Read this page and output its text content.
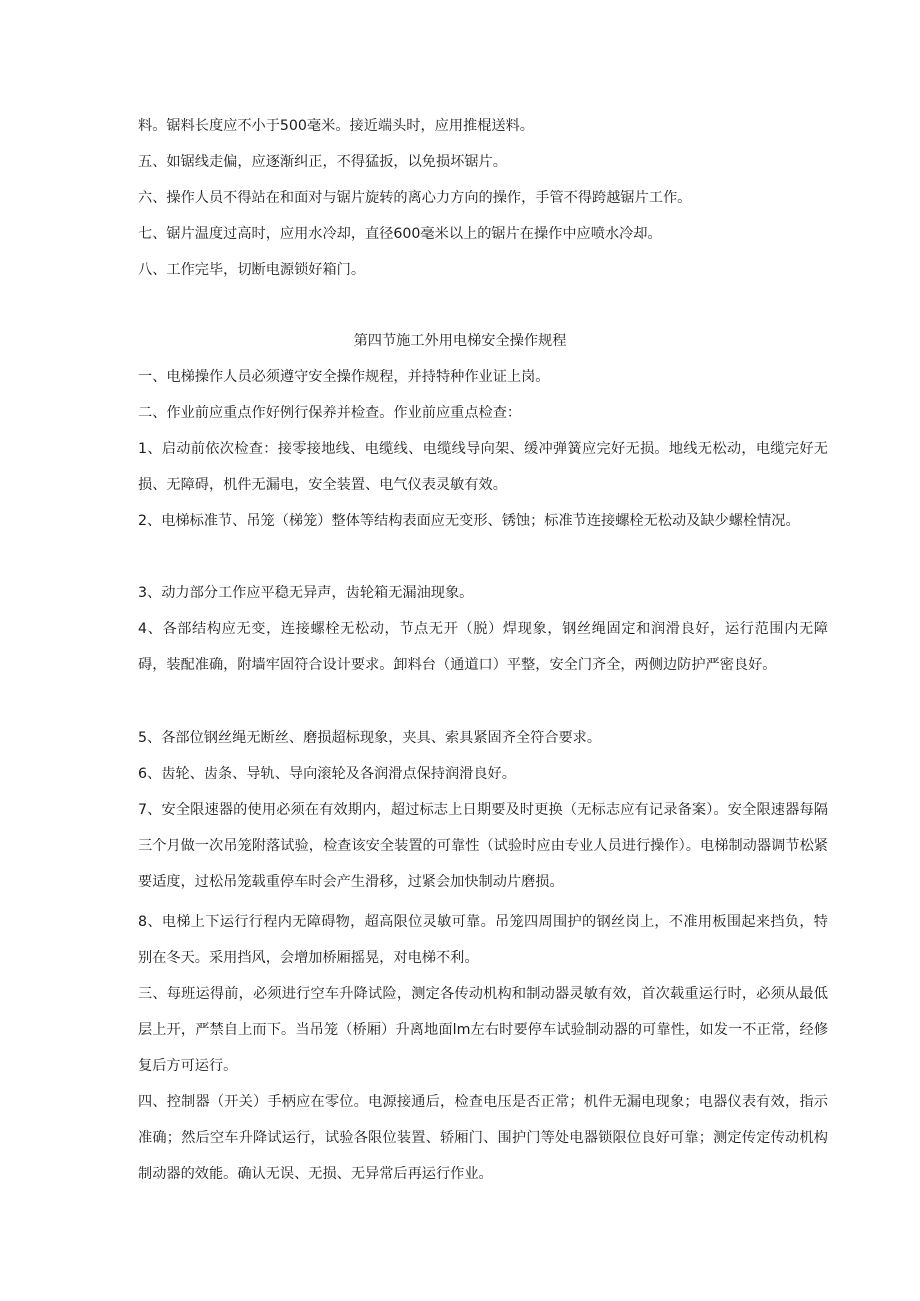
料。锯料长度应不小于500毫米。接近端头时，应用推棍送料。

五、如锯线走偏，应逐渐纠正，不得猛扳，以免损坏锯片。

六、操作人员不得站在和面对与锯片旋转的离心力方向的操作，手管不得跨越锯片工作。

七、锯片温度过高时，应用水冷却，直径600毫米以上的锯片在操作中应喷水冷却。

八、工作完毕，切断电源锁好箱门。

第四节施工外用电梯安全操作规程

一、电梯操作人员必须遵守安全操作规程，并持特种作业证上岗。

二、作业前应重点作好例行保养并检查。作业前应重点检查：

1、启动前依次检查：接零接地线、电缆线、电缆线导向架、缓冲弹簧应完好无损。地线无松动，电缆完好无损、无障碍，机件无漏电，安全装置、电气仪表灵敏有效。

2、电梯标准节、吊笼（梯笼）整体等结构表面应无变形、锈蚀；标准节连接螺栓无松动及缺少螺栓情况。

3、动力部分工作应平稳无异声，齿轮箱无漏油现象。

4、各部结构应无变，连接螺栓无松动，节点无开（脱）焊现象，钢丝绳固定和润滑良好，运行范围内无障碍，装配准确，附墙牢固符合设计要求。卸料台（通道口）平整，安全门齐全，两侧边防护严密良好。

5、各部位钢丝绳无断丝、磨损超标现象，夹具、索具紧固齐全符合要求。

6、齿轮、齿条、导轨、导向滚轮及各润滑点保持润滑良好。

7、安全限速器的使用必须在有效期内，超过标志上日期要及时更换（无标志应有记录备案）。安全限速器每隔三个月做一次吊笼附落试验，检查该安全装置的可靠性（试验时应由专业人员进行操作）。电梯制动器调节松紧要适度，过松吊笼载重停车时会产生滑移，过紧会加快制动片磨损。

8、电梯上下运行行程内无障碍物，超高限位灵敏可靠。吊笼四周围护的钢丝岗上，不准用板围起来挡负，特别在冬天。采用挡风，会增加桥厢摇晃，对电梯不利。

三、每班运得前，必须进行空车升降试险，测定各传动机构和制动器灵敏有效，首次载重运行时，必须从最低层上开，严禁自上而下。当吊笼（桥厢）升离地面lm左右时要停车试验制动器的可靠性，如发一不正常，经修复后方可运行。

四、控制器（开关）手柄应在零位。电源接通后，检查电压是否正常；机件无漏电现象；电器仪表有效，指示准确；然后空车升降试运行，试验各限位装置、轿厢门、围护门等处电器锁限位良好可靠；测定传定传动机构制动器的效能。确认无误、无损、无异常后再运行作业。
